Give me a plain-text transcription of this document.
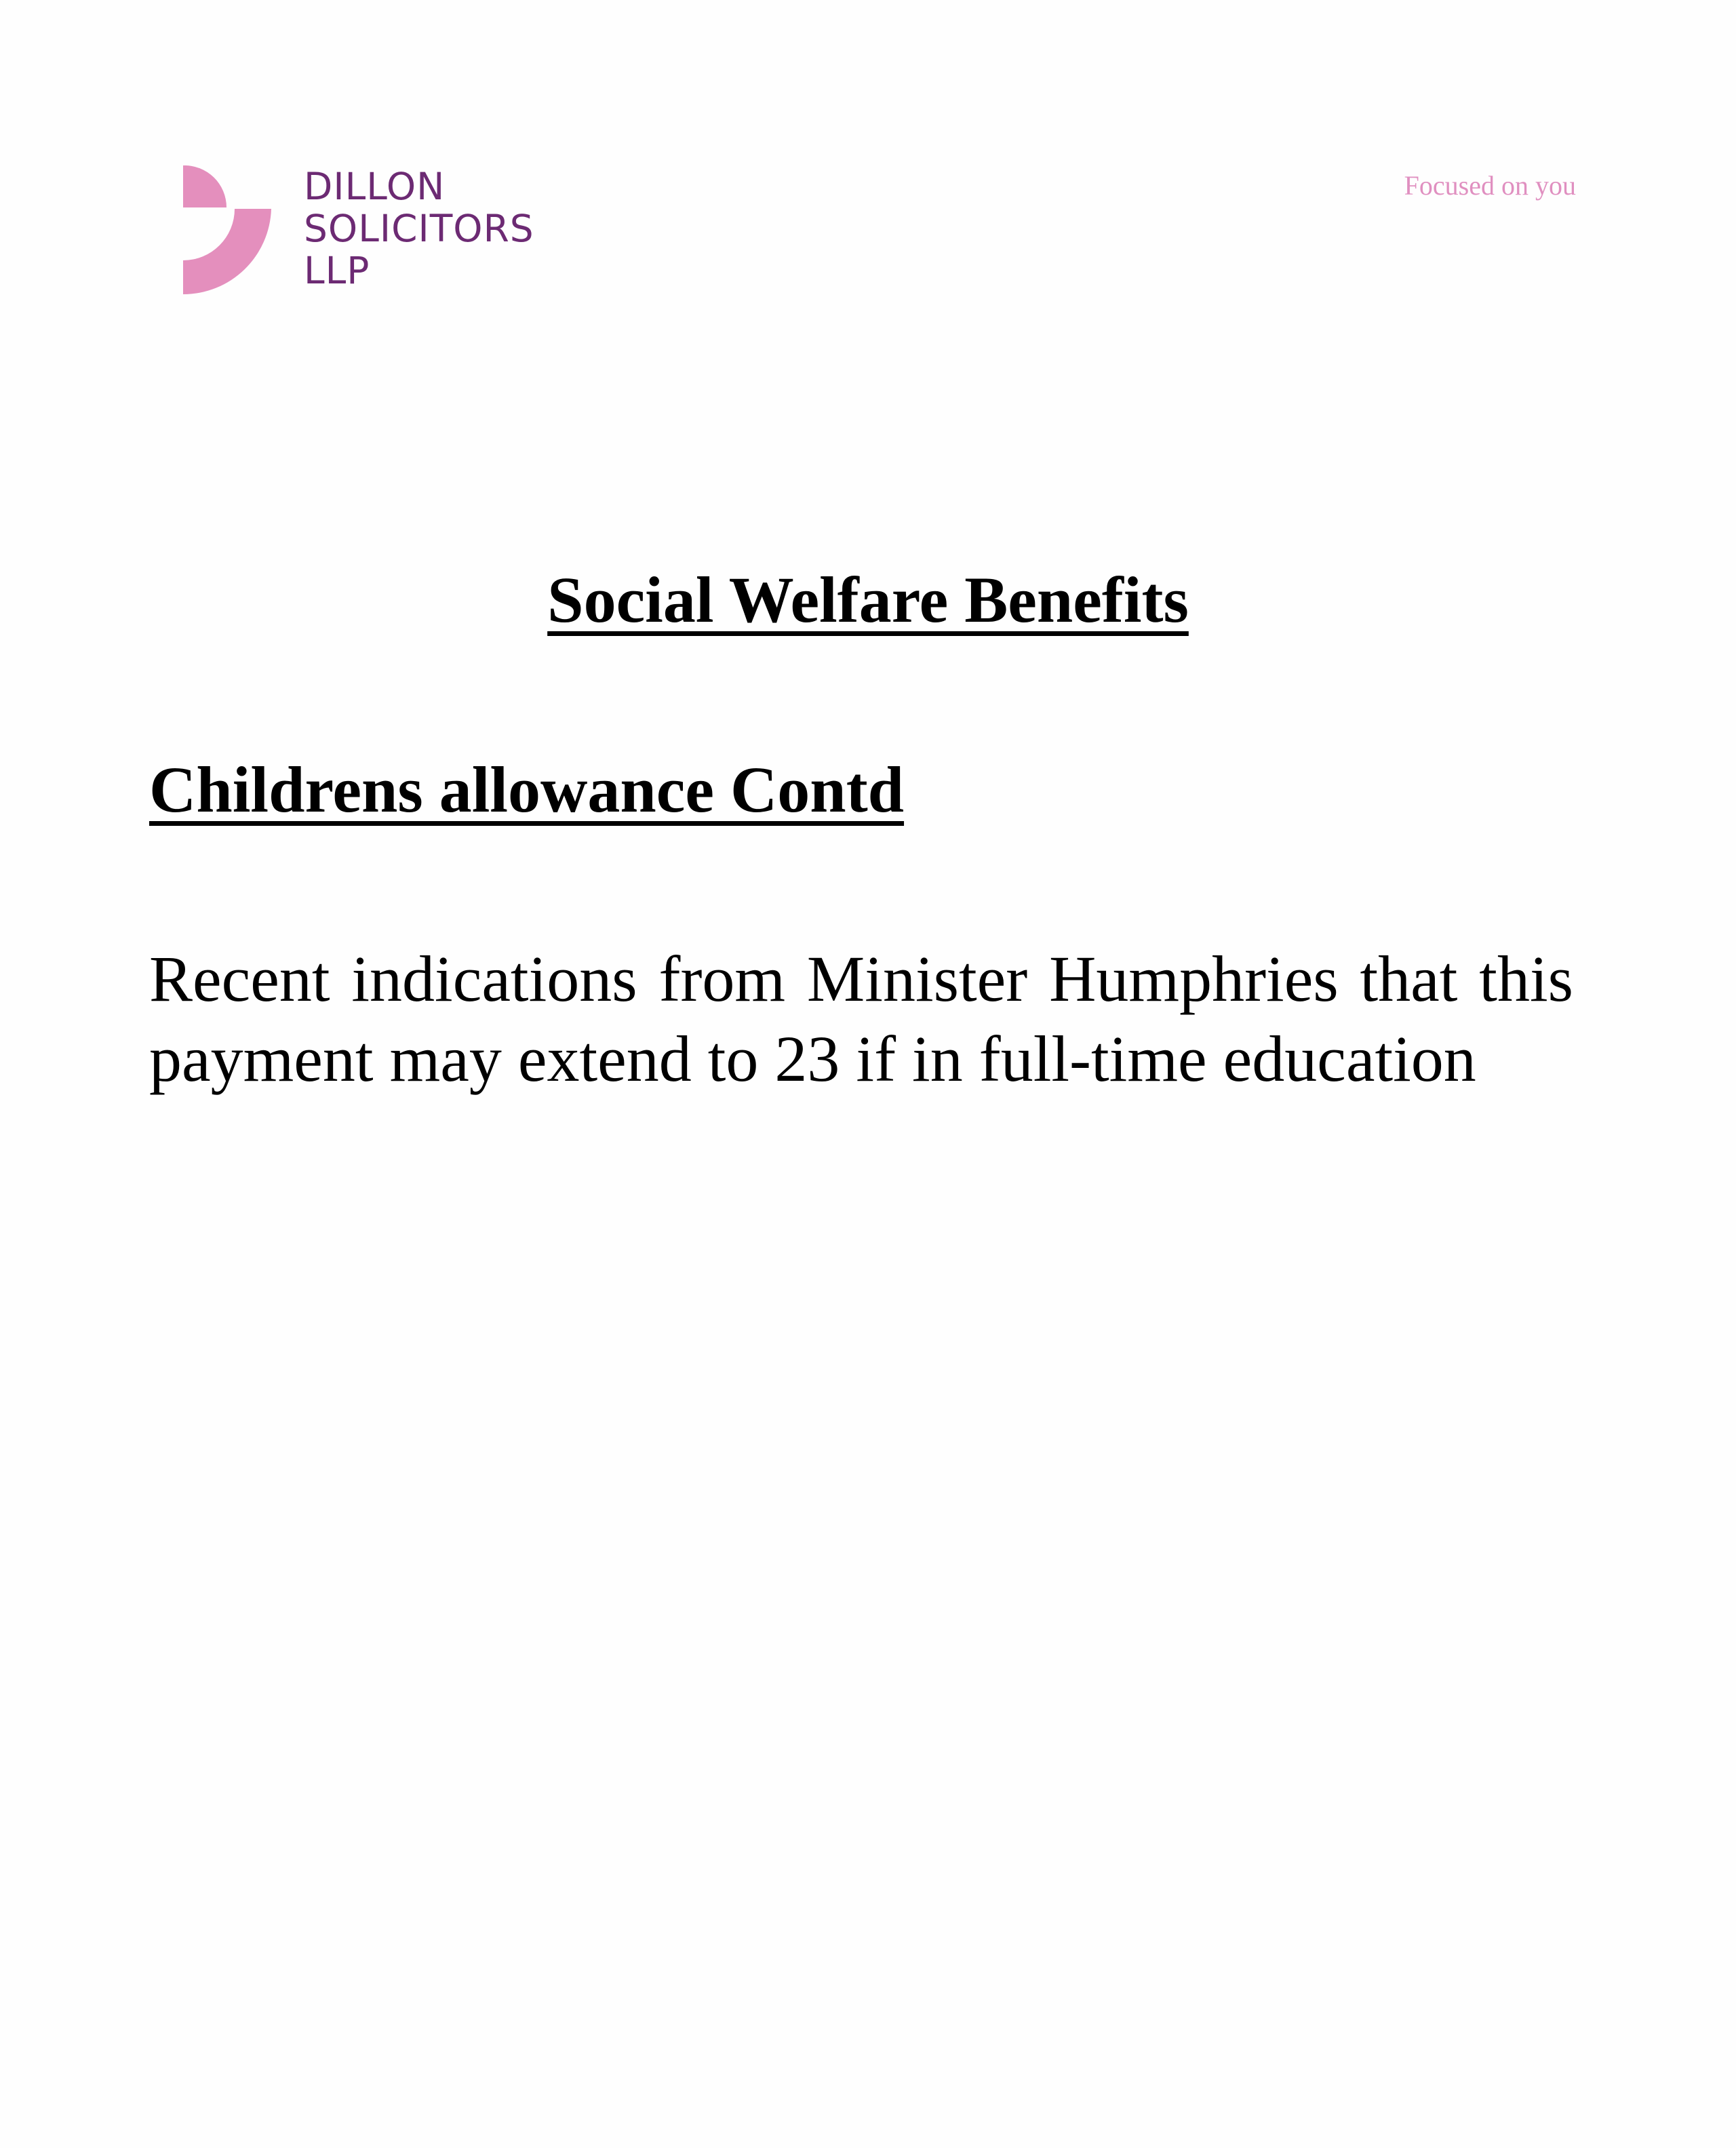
DILLON
SOLICITORS
LLP
Focused on you
Social Welfare Benefits
Childrens allowance Contd
Recent indications from Minister Humphries that this
payment may extend to 23 if in full-time education
